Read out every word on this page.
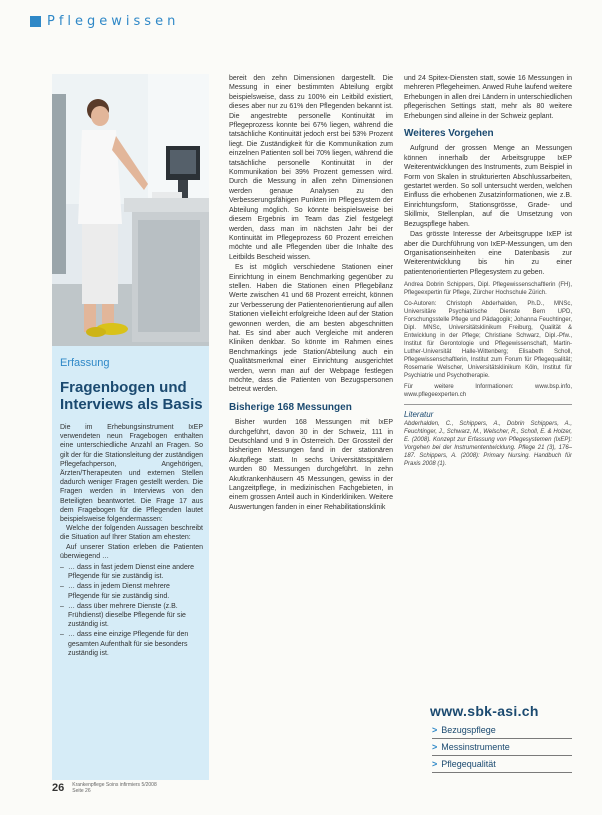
Pflegewissen
Erfassung
Fragenbogen und Interviews als Basis

Die im Erhebungsinstrument IxEP verwendeten neun Fragebogen enthalten eine unterschiedliche Anzahl an Fragen. So gilt der für die Stationsleitung der zuständigen Pflegefachperson, Angehörigen, Ärzten/Therapeuten und externen Stellen dadurch weniger Fragen gestellt werden. Die Fragen werden in Interviews von den Beteiligten beantwortet. Die Frage 17 aus dem Fragebogen für die Pflegenden lautet beispielsweise folgendermassen:

Welche der folgenden Aussagen beschreibt die Situation auf Ihrer Station am ehesten:

Auf unserer Station erleben die Patienten überwiegend …

– … dass in fast jedem Dienst eine andere Pflegende für sie zuständig ist.
– … dass in jedem Dienst mehrere Pflegende für sie zuständig sind.
– … dass über mehrere Dienste (z.B. Frühdienst) dieselbe Pflegende für sie zuständig ist.
– … dass eine einzige Pflegende für den gesamten Aufenthalt für sie besonders zuständig ist.

bereit den zehn Dimensionen dargestellt. Die Messung in einer bestimmten Abteilung ergibt beispielsweise, dass zu 100% ein Leitbild existiert, dieses aber nur zu 61% den Pflegenden bekannt ist. Die angestrebte personelle Kontinuität im Pflegeprozess konnte bei 67% liegen, während die tatsächliche Kontinuität jedoch erst bei 53% Prozent liegt. Die Zuständigkeit für die Kommunikation zum einzelnen Patienten soll bei 70% liegen, während die tatsächliche personelle Kontinuität in der Kommunikation bei 39% Prozent gemessen wird. Durch die Messung in allen zehn Dimensionen werden genaue Analysen zu den Verbesserungsfähigen Punkten im Pflegesystem der Abteilung möglich. So könnte beispielsweise bei diesem Ergebnis im Team das Ziel festgelegt werden, dass man im nächsten Jahr bei der Kontinuität im Pflegeprozess 60 Prozent erreichen möchte und alle Pflegenden über die Inhalte des Leitbilds Bescheid wissen.

Es ist möglich verschiedene Stationen einer Einrichtung in einem Benchmarking gegenüber zu stellen. Haben die Stationen einen Pflegebilanz Werte zwischen 41 und 68 Prozent erreicht, können zur Verbesserung der Patientenorientierung auf allen Stationen vielleicht erfolgreiche Ideen auf der Station gewonnen werden, die am besten abgeschnitten hat. Es sind aber auch Vergleiche mit anderen Kliniken denkbar. So könnte im Rahmen eines Benchmarkings jede Station/Abteilung auch ein Qualitätsmerkmal einer Einrichtung ausgerichtet werden, wenn man auf der Webpage festlegen möchte, dass die Patienten von Bezugspersonen betreut werden.

Bisherige 168 Messungen

Bisher wurden 168 Messungen mit IxEP durchgeführt, davon 30 in der Schweiz, 111 in Deutschland und 9 in Österreich. Der Grossteil der bisherigen Messungen fand in der stationären Akutpflege statt. In sechs Universitätsspitälern wurden 80 Messungen durchgeführt. In zehn Akutkrankenhäusern 45 Messungen, gewiss in der Langzeitpflege, in medizinischen Fachgebieten, in einem grossen Anteil auch in Kinderkliniken. Weitere Auswertungen fanden in einer Rehabilitationsklinik

und 24 Spitex-Diensten statt, sowie 16 Messungen in mehreren Pflegeheimen. Anwed Ruhe laufend weitere Erhebungen in allen drei Ländern in unterschiedlichen pflegerischen Settings statt, mehr als 80 weitere Erhebungen sind alleine in der Schweiz geplant.

Weiteres Vorgehen

Aufgrund der grossen Menge an Messungen können innerhalb der Arbeitsgruppe IxEP Weiterentwicklungen des Instruments, zum Beispiel in Form von Skalen in strukturierten Abschlussarbeiten, gestartet werden. So soll untersucht werden, welchen Einfluss die erhobenen Zusatzinformationen, wie z.B. Einrichtungsform, Stationsgrösse, Grade- und Skillmix, Stellenplan, auf die Umsetzung von Bezugspflege haben.

Das grösste Interesse der Arbeitsgruppe IxEP ist aber die Durchführung von IxEP-Messungen, um den Organisationseinheiten eine Datenbasis zur Weiterentwicklung bis hin zu einer patientenorientierten Pflegesystem zu geben.

Andrea Dobrin Schippers, Dipl. Pflegewissenschaftlerin (FH), Pflegeexpertin für Pflege, Zürcher Hochschule Zürich.

Co-Autoren: Christoph Abderhalden, Ph.D., MNSc, Universitäre Psychiatrische Dienste Bern UPD, Forschungsstelle Pflege und Pädagogik; Johanna Feuchtinger, Dipl. MNSc, Universitätsklinikum Freiburg, Qualität & Entwicklung in der Pflege; Christiane Schwarz, Dipl.-Pfw., Institut für Gerontologie und Pflegewissenschaft, Martin-Luther-Universität Halle-Wittenberg; Elisabeth Scholl, Pflegewissenschaftlerin, Institut zum Forum für Pflegequalität; Rosemarie Welscher, Universitätsklinikum Köln, Institut für Psychiatrie und Psychotherapie.

Für weitere Informationen: www.bsp.info, www.pflegeexperten.ch

Literatur
Abderhalden, C., Schippers, A., Dobrin Schippers, A., Feuchtinger, J., Schwarz, M., Welscher, R., Scholl, E. & Holzer, E. (2008). Konzept zur Erfassung von Pflegesystemen (IxEP): Vorgehen bei der Instrumententwicklung. Pflege 21 (3), 176–187. Schippers, A. (2008): Primary Nursing. Handbuch für Praxis 2008 (1).
www.sbk-asi.ch
> Bezugspflege
> Messinstrumente
> Pflegequalität
26 Krankenpflege Soins infirmiers 5/2008
Seite 26
